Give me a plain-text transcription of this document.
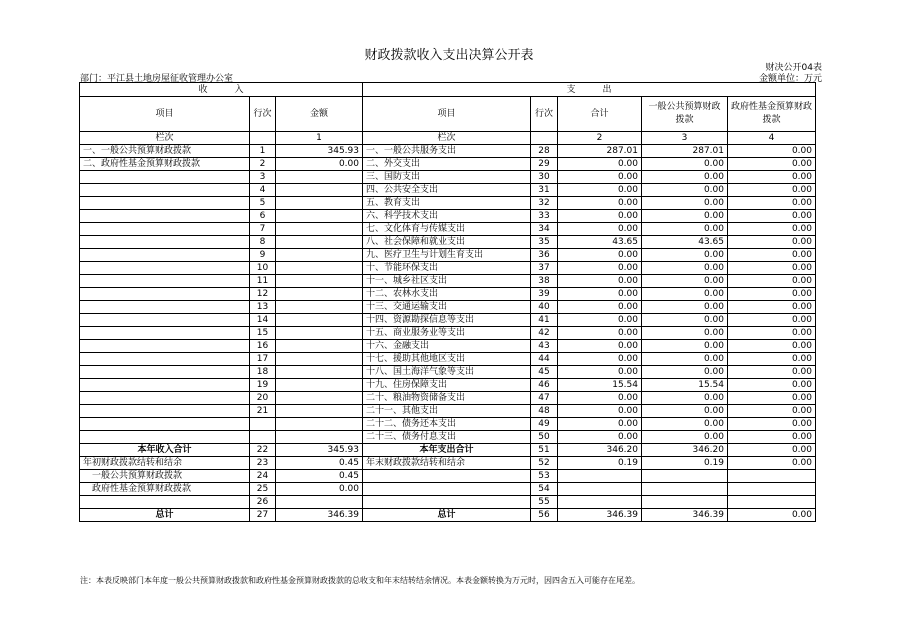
财政拨款收入支出决算公开表
财决公开04表
部门：平江县土地房屋征收管理办公室	金额单位：万元
收　　　入			支　　　出				
项目	行次	金额	项目	行次	合计	一般公共预算财政拨款	政府性基金预算财政拨款
栏次		1	栏次		2	3	4
一、一般公共预算财政拨款	1	345.93	一、一般公共服务支出	28	287.01	287.01	0.00
二、政府性基金预算财政拨款	2	0.00	二、外交支出	29	0.00	0.00	0.00
	3		三、国防支出	30	0.00	0.00	0.00
	4		四、公共安全支出	31	0.00	0.00	0.00
	5		五、教育支出	32	0.00	0.00	0.00
	6		六、科学技术支出	33	0.00	0.00	0.00
	7		七、文化体育与传媒支出	34	0.00	0.00	0.00
	8		八、社会保障和就业支出	35	43.65	43.65	0.00
	9		九、医疗卫生与计划生育支出	36	0.00	0.00	0.00
	10		十、节能环保支出	37	0.00	0.00	0.00
	11		十一、城乡社区支出	38	0.00	0.00	0.00
	12		十二、农林水支出	39	0.00	0.00	0.00
	13		十三、交通运输支出	40	0.00	0.00	0.00
	14		十四、资源勘探信息等支出	41	0.00	0.00	0.00
	15		十五、商业服务业等支出	42	0.00	0.00	0.00
	16		十六、金融支出	43	0.00	0.00	0.00
	17		十七、援助其他地区支出	44	0.00	0.00	0.00
	18		十八、国土海洋气象等支出	45	0.00	0.00	0.00
	19		十九、住房保障支出	46	15.54	15.54	0.00
	20		二十、粮油物资储备支出	47	0.00	0.00	0.00
	21		二十一、其他支出	48	0.00	0.00	0.00
			二十二、债务还本支出	49	0.00	0.00	0.00
			二十三、债务付息支出	50	0.00	0.00	0.00
本年收入合计	22	345.93	本年支出合计	51	346.20	346.20	0.00
年初财政拨款结转和结余	23	0.45	年末财政拨款结转和结余	52	0.19	0.19	0.00
　一般公共预算财政拨款	24	0.45		53			
　政府性基金预算财政拨款	25	0.00		54			
	26			55			
总计	27	346.39	总计	56	346.39	346.39	0.00
注：本表反映部门本年度一般公共预算财政拨款和政府性基金预算财政拨款的总收支和年末结转结余情况。本表金额转换为万元时，因四舍五入可能存在尾差。
